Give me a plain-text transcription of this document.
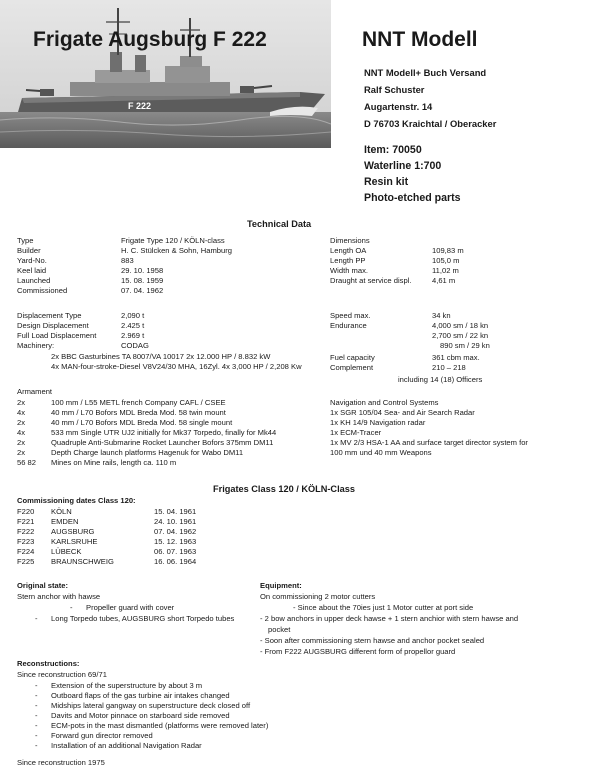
Frigate Augsburg F 222	NNT Modell
NNT Modell+ Buch Versand
Ralf Schuster
Augartenstr. 14
D 76703 Kraichtal / Oberacker
Item: 70050
Waterline 1:700
Resin kit
Photo-etched parts
F 222
Technical Data
Type
Builder
Yard-No.
Keel laid
Launched
Commissioned
Frigate Type 120 / KÖLN-class
H. C. Stülcken & Sohn, Hamburg
883
29. 10. 1958
15. 08. 1959
07. 04. 1962
Dimensions
Length OA
Length PP
Width max.
Draught at service displ.
109,83 m
105,0 m
11,02 m
4,61 m
Displacement Type
Design Displacement
Full Load Displacement
Machinery:
2,090 t
2.425 t
2.969 t
CODAG
2x BBC Gasturbines TA 8007/VA 10017 2x 12.000 HP / 8.832 kW
4x MAN-four-stroke-Diesel V8V24/30 MHA, 16Zyl. 4x 3,000 HP / 2,208 Kw
Speed max.
Endurance

34 kn
4,000 sm / 18 kn
2,700 sm / 22 kn
890 sm / 29 kn
Fuel capacity
Complement
361 cbm max.
210 – 218
including 14 (18) Officers
Armament
2x
4x
2x
4x
2x
2x
56 82
100 mm / L55 METL french Company CAFL / CSEE
40 mm / L70 Bofors MDL Breda Mod. 58 twin mount
40 mm / L70 Bofors MDL Breda Mod. 58 single mount
533 mm Single UTR UJ2 initially for Mk37 Torpedo, finally for Mk44
Quadruple Anti-Submarine Rocket Launcher Bofors 375mm DM11
Depth Charge launch platforms Hagenuk for Wabo DM11
Mines on Mine rails, length ca. 110 m
Navigation and Control Systems
1x SGR 105/04 Sea- and Air Search Radar
1x KH 14/9 Navigation radar
1x ECM-Tracer
1x MV 2/3 HSA-1 AA and surface target director system for
100 mm und 40 mm Weapons
Frigates Class 120 / KÖLN-Class
Commissioning dates Class 120:
F220
F221
F222
F223
F224
F225
KÖLN
EMDEN
AUGSBURG
KARLSRUHE
LÜBECK
BRAUNSCHWEIG
15. 04. 1961
24. 10. 1961
07. 04. 1962
15. 12. 1963
06. 07. 1963
16. 06. 1964
Original state:
Stern anchor with hawse
- Propeller guard with cover
- Long Torpedo tubes, AUGSBURG short Torpedo tubes
Equipment:
On commissioning 2 motor cutters
- Since about the 70ies just 1 Motor cutter at port side
- 2 bow anchors in upper deck hawse + 1 stern anchior with stern hawse and
pocket
- Soon after commissioning stern hawse and anchor pocket sealed
- From F222 AUGSBURG different form of propellor guard
Reconstructions:
Since reconstruction 69/71
-
-
-
-
-
-
-
Extension of the superstructure by about 3 m
Outboard flaps of the gas turbine air intakes changed
Midships lateral gangway on superstructure deck closed off
Davits and Motor pinnace on starboard side removed
ECM-pots in the mast dismantled (platforms were removed later)
Forward gun director removed
Installation of an additional Navigation Radar
Since reconstruction 1975
